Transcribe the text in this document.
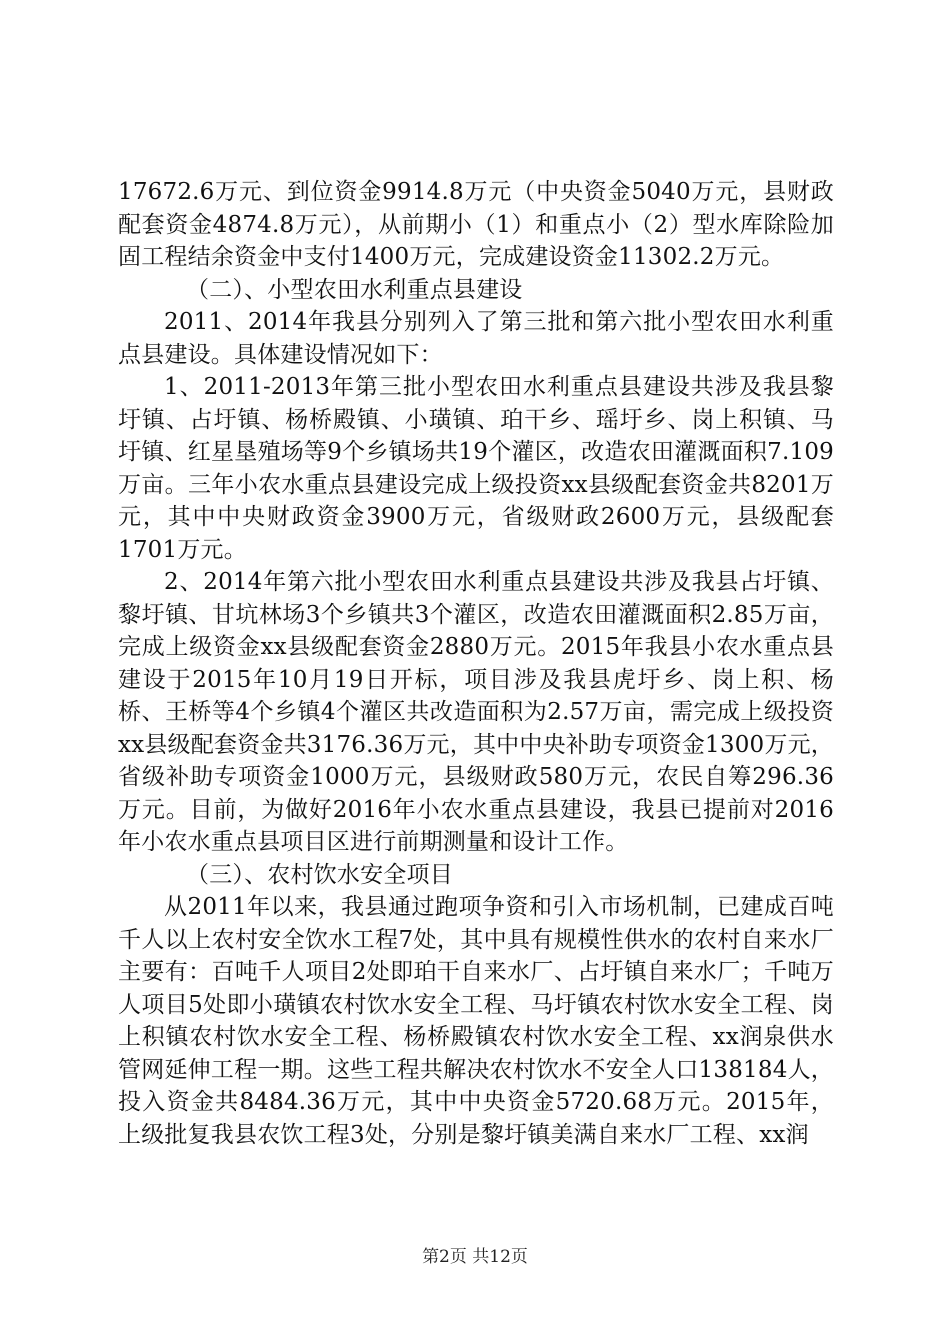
17672.6万元、到位资金9914.8万元（中央资金5040万元，县财政配套资金4874.8万元），从前期小（1）和重点小（2）型水库除险加固工程结余资金中支付1400万元，完成建设资金11302.2万元。

（二）、小型农田水利重点县建设

2011、2014年我县分别列入了第三批和第六批小型农田水利重点县建设。具体建设情况如下：

1、2011-2013年第三批小型农田水利重点县建设共涉及我县黎圩镇、占圩镇、杨桥殿镇、小璜镇、珀干乡、瑶圩乡、岗上积镇、马圩镇、红星垦殖场等9个乡镇场共19个灌区，改造农田灌溉面积7.109万亩。三年小农水重点县建设完成上级投资xx县级配套资金共8201万元，其中中央财政资金3900万元，省级财政2600万元，县级配套1701万元。

2、2014年第六批小型农田水利重点县建设共涉及我县占圩镇、黎圩镇、甘坑林场3个乡镇共3个灌区，改造农田灌溉面积2.85万亩，完成上级资金xx县级配套资金2880万元。2015年我县小农水重点县建设于2015年10月19日开标，项目涉及我县虎圩乡、岗上积、杨桥、王桥等4个乡镇4个灌区共改造面积为2.57万亩，需完成上级投资xx县级配套资金共3176.36万元，其中中央补助专项资金1300万元，省级补助专项资金1000万元，县级财政580万元，农民自筹296.36万元。目前，为做好2016年小农水重点县建设，我县已提前对2016年小农水重点县项目区进行前期测量和设计工作。

（三）、农村饮水安全项目

从2011年以来，我县通过跑项争资和引入市场机制，已建成百吨千人以上农村安全饮水工程7处，其中具有规模性供水的农村自来水厂主要有：百吨千人项目2处即珀干自来水厂、占圩镇自来水厂；千吨万人项目5处即小璜镇农村饮水安全工程、马圩镇农村饮水安全工程、岗上积镇农村饮水安全工程、杨桥殿镇农村饮水安全工程、xx润泉供水管网延伸工程一期。这些工程共解决农村饮水不安全人口138184人，投入资金共8484.36万元，其中中央资金5720.68万元。2015年，上级批复我县农饮工程3处，分别是黎圩镇美满自来水厂工程、xx润

第2页 共12页
